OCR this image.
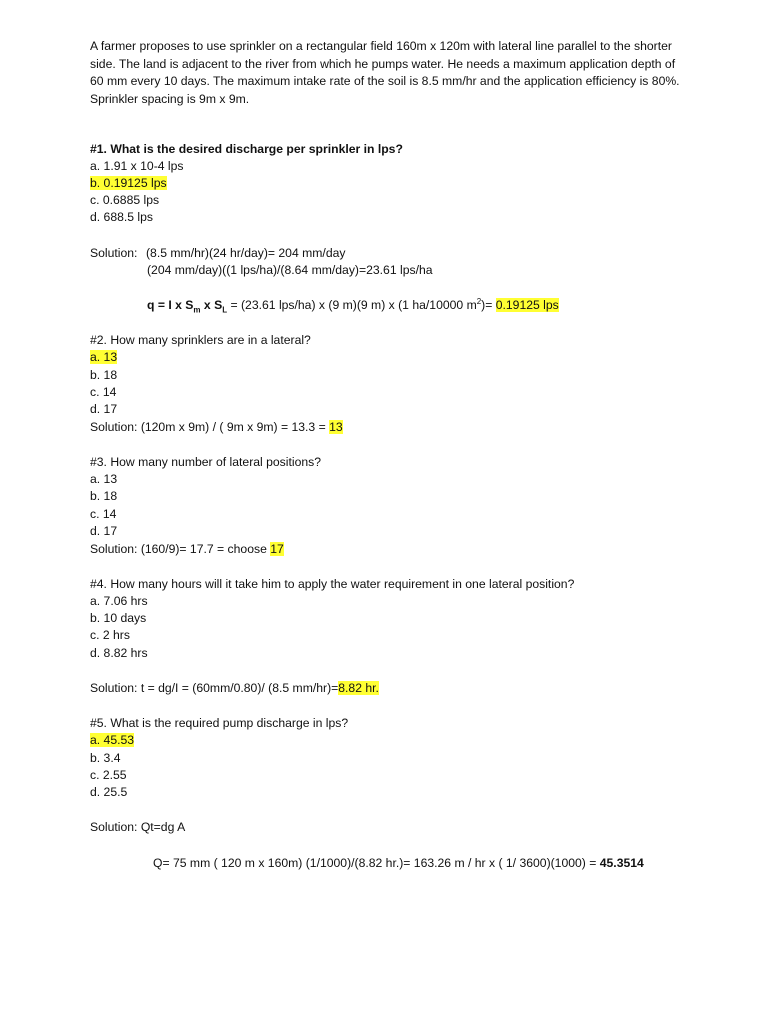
A farmer proposes to use sprinkler on a rectangular field 160m x 120m with lateral line parallel to the shorter side. The land is adjacent to the river from which he pumps water. He needs a maximum application depth of 60 mm every 10 days. The maximum intake rate of the soil is 8.5 mm/hr and the application efficiency is 80%. Sprinkler spacing is 9m x 9m.
#1. What is the desired discharge per sprinkler in lps?
a. 1.91 x 10-4 lps
b. 0.19125 lps
c. 0.6885 lps
d. 688.5 lps
Solution: (8.5 mm/hr)(24 hr/day)= 204 mm/day
(204 mm/day)((1 lps/ha)/(8.64 mm/day)=23.61 lps/ha
q = I x $S_m$ x $S_L = (23.61$ lps/ha) x (9 m)(9 m) x (1 ha/10000 $m^2)= 0.19125$ lps
#2. How many sprinklers are in a lateral?
a. 13
b. 18
c. 14
d. 17
Solution: (120m x 9m) / ( 9m x 9m) = 13.3 = 13
#3. How many number of lateral positions?
a. 13
b. 18
c. 14
d. 17
Solution: (160/9)= 17.7 = choose 17
#4. How many hours will it take him to apply the water requirement in one lateral position?
a. 7.06 hrs
b. 10 days
c. 2 hrs
d. 8.82 hrs
Solution: t = dg/I = (60mm/0.80)/ (8.5 mm/hr)=8.82 hr.
#5. What is the required pump discharge in lps?
a. 45.53
b. 3.4
c. 2.55
d. 25.5
Solution: Qt=dg A
Q= 75 mm ( 120 m x 160m) (1/1000)/(8.82 hr.)= 163.26 m / hr x ( 1/ 3600)(1000) = 45.3514
